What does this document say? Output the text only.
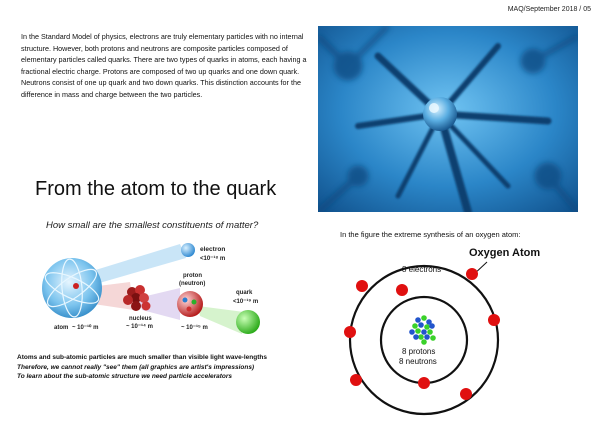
MAQ/September 2018 / 05
In the Standard Model of physics, electrons are truly elementary particles with no internal structure. However, both protons and neutrons are composite particles composed of elementary particles called quarks. There are two types of quarks in atoms, each having a fractional electric charge. Protons are composed of two up quarks and one down quark. Neutrons consist of one up quark and two down quarks. This distinction accounts for the difference in mass and charge between the two particles.
From the atom to the quark
How small are the smallest constituents of matter?
electron
<10⁻¹⁸ m
nucleus
~ 10⁻¹⁴ m
proton
(neutron)
~ 10⁻¹⁵ m
quark
<10⁻¹⁹ m
atom ~ 10⁻¹⁰ m
Atoms and sub-atomic particles are much smaller than visible light wave-lengths
Therefore, we cannot really "see" them (all graphics are artist's impressions)
To learn about the sub-atomic structure we need particle accelerators
In the figure the extreme synthesis of an oxygen atom:
Oxygen Atom
8 protons
8 neutrons
8 electrons
